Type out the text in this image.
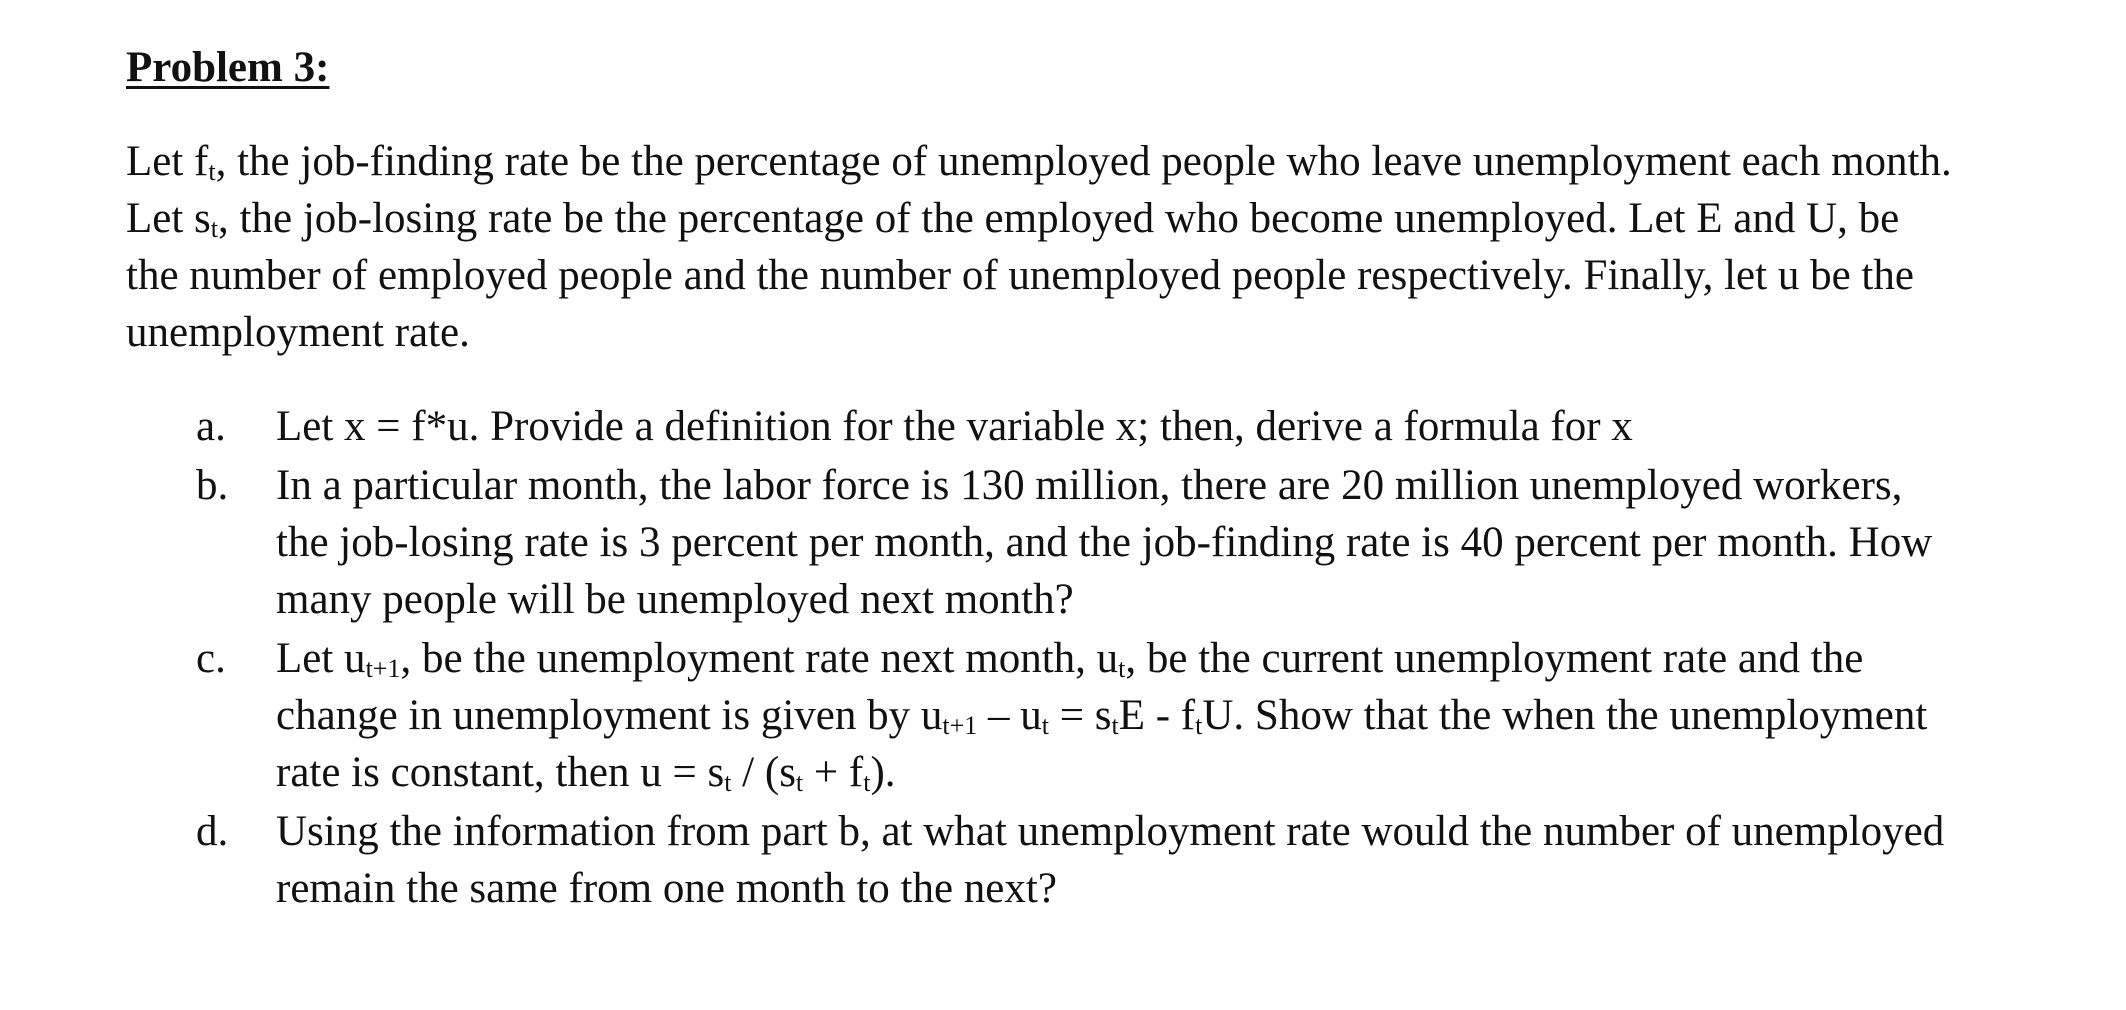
Problem 3:
Let $f_t$, the job-finding rate be the percentage of unemployed people who leave unemployment each month.
Let $s_t$, the job-losing rate be the percentage of the employed who become unemployed. Let E and U, be
the number of employed people and the number of unemployed people respectively. Finally, let u be the
unemployment rate.
a.	Let x = f*u. Provide a definition for the variable x; then, derive a formula for x
b.	In a particular month, the labor force is 130 million, there are 20 million unemployed workers,
the job-losing rate is 3 percent per month, and the job-finding rate is 40 percent per month. How
many people will be unemployed next month?
c.	Let $u_{t+1}$, be the unemployment rate next month, $u_t$, be the current unemployment rate and the
change in unemployment is given by $u_{t+1} - u_t = s_tE - f_tU$. Show that the when the unemployment
rate is constant, then $u = s_t / (s_t + f_t)$.
d.	Using the information from part b, at what unemployment rate would the number of unemployed
remain the same from one month to the next?
